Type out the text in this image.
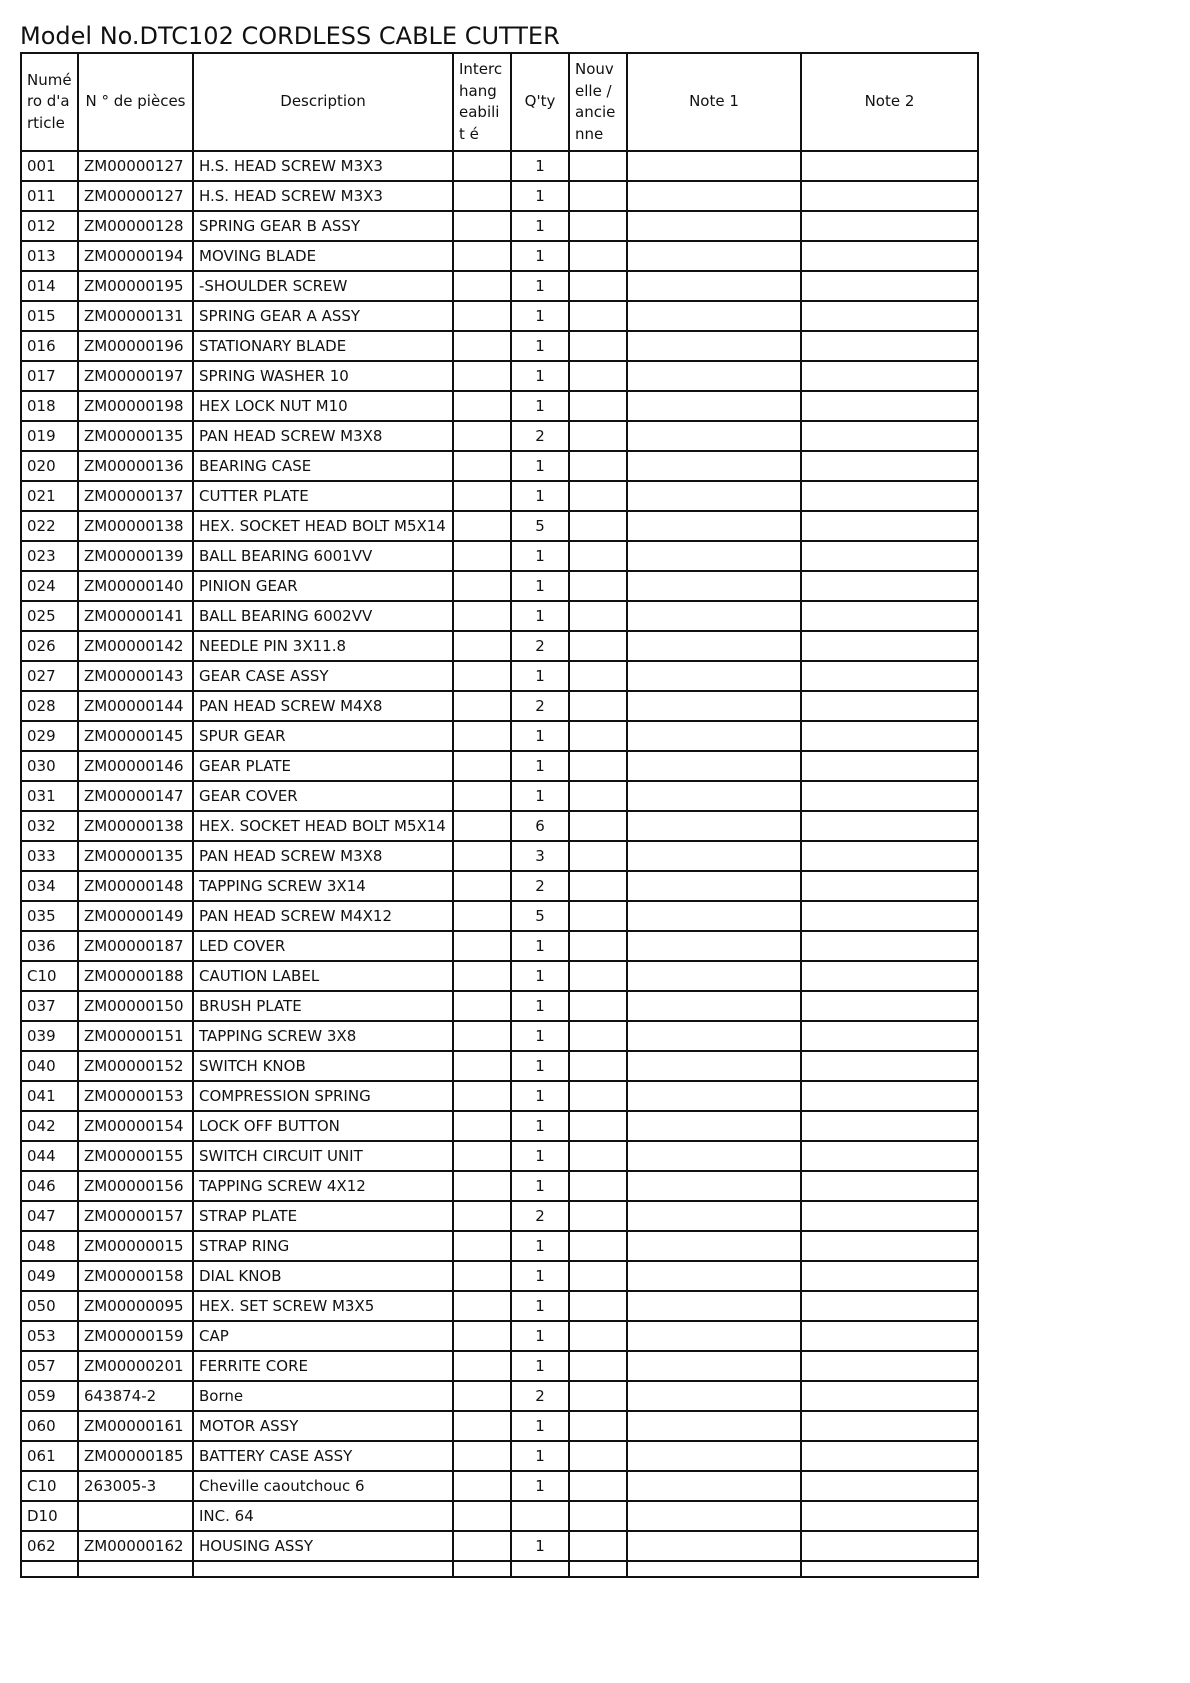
Model No.DTC102 CORDLESS CABLE CUTTER
Numé ro d'a rticle	N ° de pièces	Description	Interc hang eabilit é	Q'ty	Nouv elle / ancie nne	Note 1	Note 2
001	ZM00000127	H.S. HEAD SCREW M3X3		1			
011	ZM00000127	H.S. HEAD SCREW M3X3		1			
012	ZM00000128	SPRING GEAR B ASSY		1			
013	ZM00000194	MOVING BLADE		1			
014	ZM00000195	-SHOULDER SCREW		1			
015	ZM00000131	SPRING GEAR A ASSY		1			
016	ZM00000196	STATIONARY BLADE		1			
017	ZM00000197	SPRING WASHER 10		1			
018	ZM00000198	HEX LOCK NUT M10		1			
019	ZM00000135	PAN HEAD SCREW M3X8		2			
020	ZM00000136	BEARING CASE		1			
021	ZM00000137	CUTTER PLATE		1			
022	ZM00000138	HEX. SOCKET HEAD BOLT M5X14		5			
023	ZM00000139	BALL BEARING 6001VV		1			
024	ZM00000140	PINION GEAR		1			
025	ZM00000141	BALL BEARING 6002VV		1			
026	ZM00000142	NEEDLE PIN 3X11.8		2			
027	ZM00000143	GEAR CASE ASSY		1			
028	ZM00000144	PAN HEAD SCREW M4X8		2			
029	ZM00000145	SPUR GEAR		1			
030	ZM00000146	GEAR PLATE		1			
031	ZM00000147	GEAR COVER		1			
032	ZM00000138	HEX. SOCKET HEAD BOLT M5X14		6			
033	ZM00000135	PAN HEAD SCREW M3X8		3			
034	ZM00000148	TAPPING SCREW 3X14		2			
035	ZM00000149	PAN HEAD SCREW M4X12		5			
036	ZM00000187	LED COVER		1			
C10	ZM00000188	CAUTION LABEL		1			
037	ZM00000150	BRUSH PLATE		1			
039	ZM00000151	TAPPING SCREW 3X8		1			
040	ZM00000152	SWITCH KNOB		1			
041	ZM00000153	COMPRESSION SPRING		1			
042	ZM00000154	LOCK OFF BUTTON		1			
044	ZM00000155	SWITCH CIRCUIT UNIT		1			
046	ZM00000156	TAPPING SCREW 4X12		1			
047	ZM00000157	STRAP PLATE		2			
048	ZM00000015	STRAP RING		1			
049	ZM00000158	DIAL KNOB		1			
050	ZM00000095	HEX. SET SCREW M3X5		1			
053	ZM00000159	CAP		1			
057	ZM00000201	FERRITE CORE		1			
059	643874-2	Borne		2			
060	ZM00000161	MOTOR ASSY		1			
061	ZM00000185	BATTERY CASE ASSY		1			
C10	263005-3	Cheville caoutchouc 6		1			
D10		INC. 64					
062	ZM00000162	HOUSING ASSY		1			
